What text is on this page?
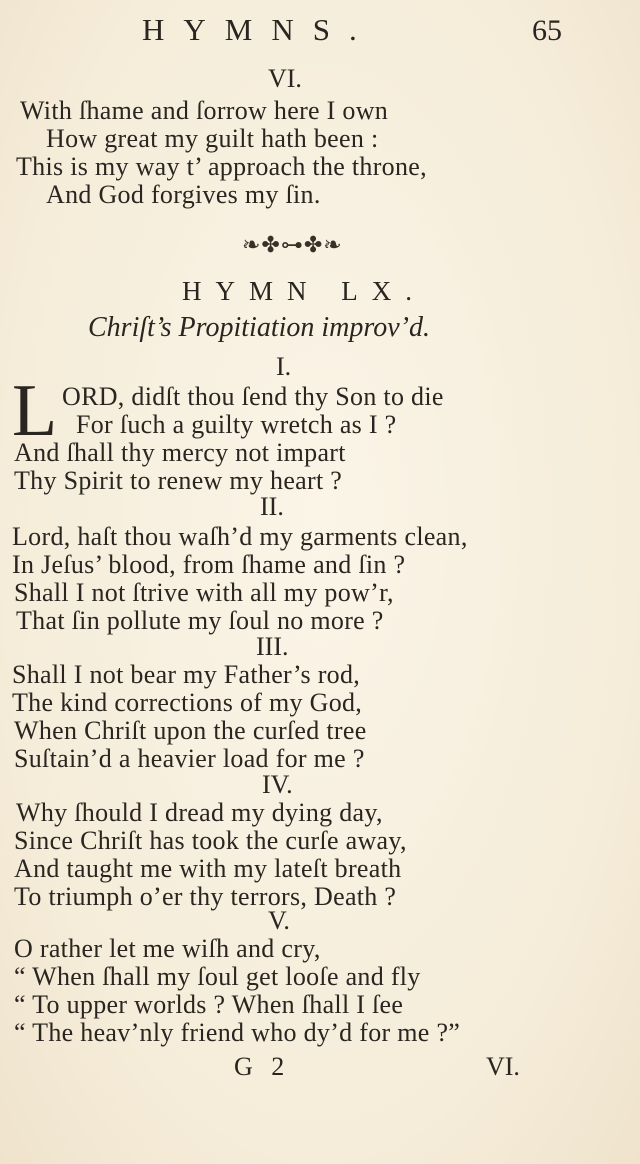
HYMNS.	65
VI.
With ſhame and ſorrow here I own
How great my guilt hath been :
This is my way t’ approach the throne,
And God forgives my ſin.
❧✤⊶✤❧
HYMN LX.
Chriſt’s Propitiation improv’d.
I.
L ORD, didſt thou ſend thy Son to die
For ſuch a guilty wretch as I ?
And ſhall thy mercy not impart
Thy Spirit to renew my heart ?
II.
Lord, haſt thou waſh’d my garments clean,
In Jeſus’ blood, from ſhame and ſin ?
Shall I not ſtrive with all my pow’r,
That ſin pollute my ſoul no more ?
III.
Shall I not bear my Father’s rod,
The kind corrections of my God,
When Chriſt upon the curſed tree
Suſtain’d a heavier load for me ?
IV.
Why ſhould I dread my dying day,
Since Chriſt has took the curſe away,
And taught me with my lateſt breath
To triumph o’er thy terrors, Death ?
V.
O rather let me wiſh and cry,
“ When ſhall my ſoul get looſe and fly
“ To upper worlds ? When ſhall I ſee
“ The heav’nly friend who dy’d for me ?”
G 2	VI.
